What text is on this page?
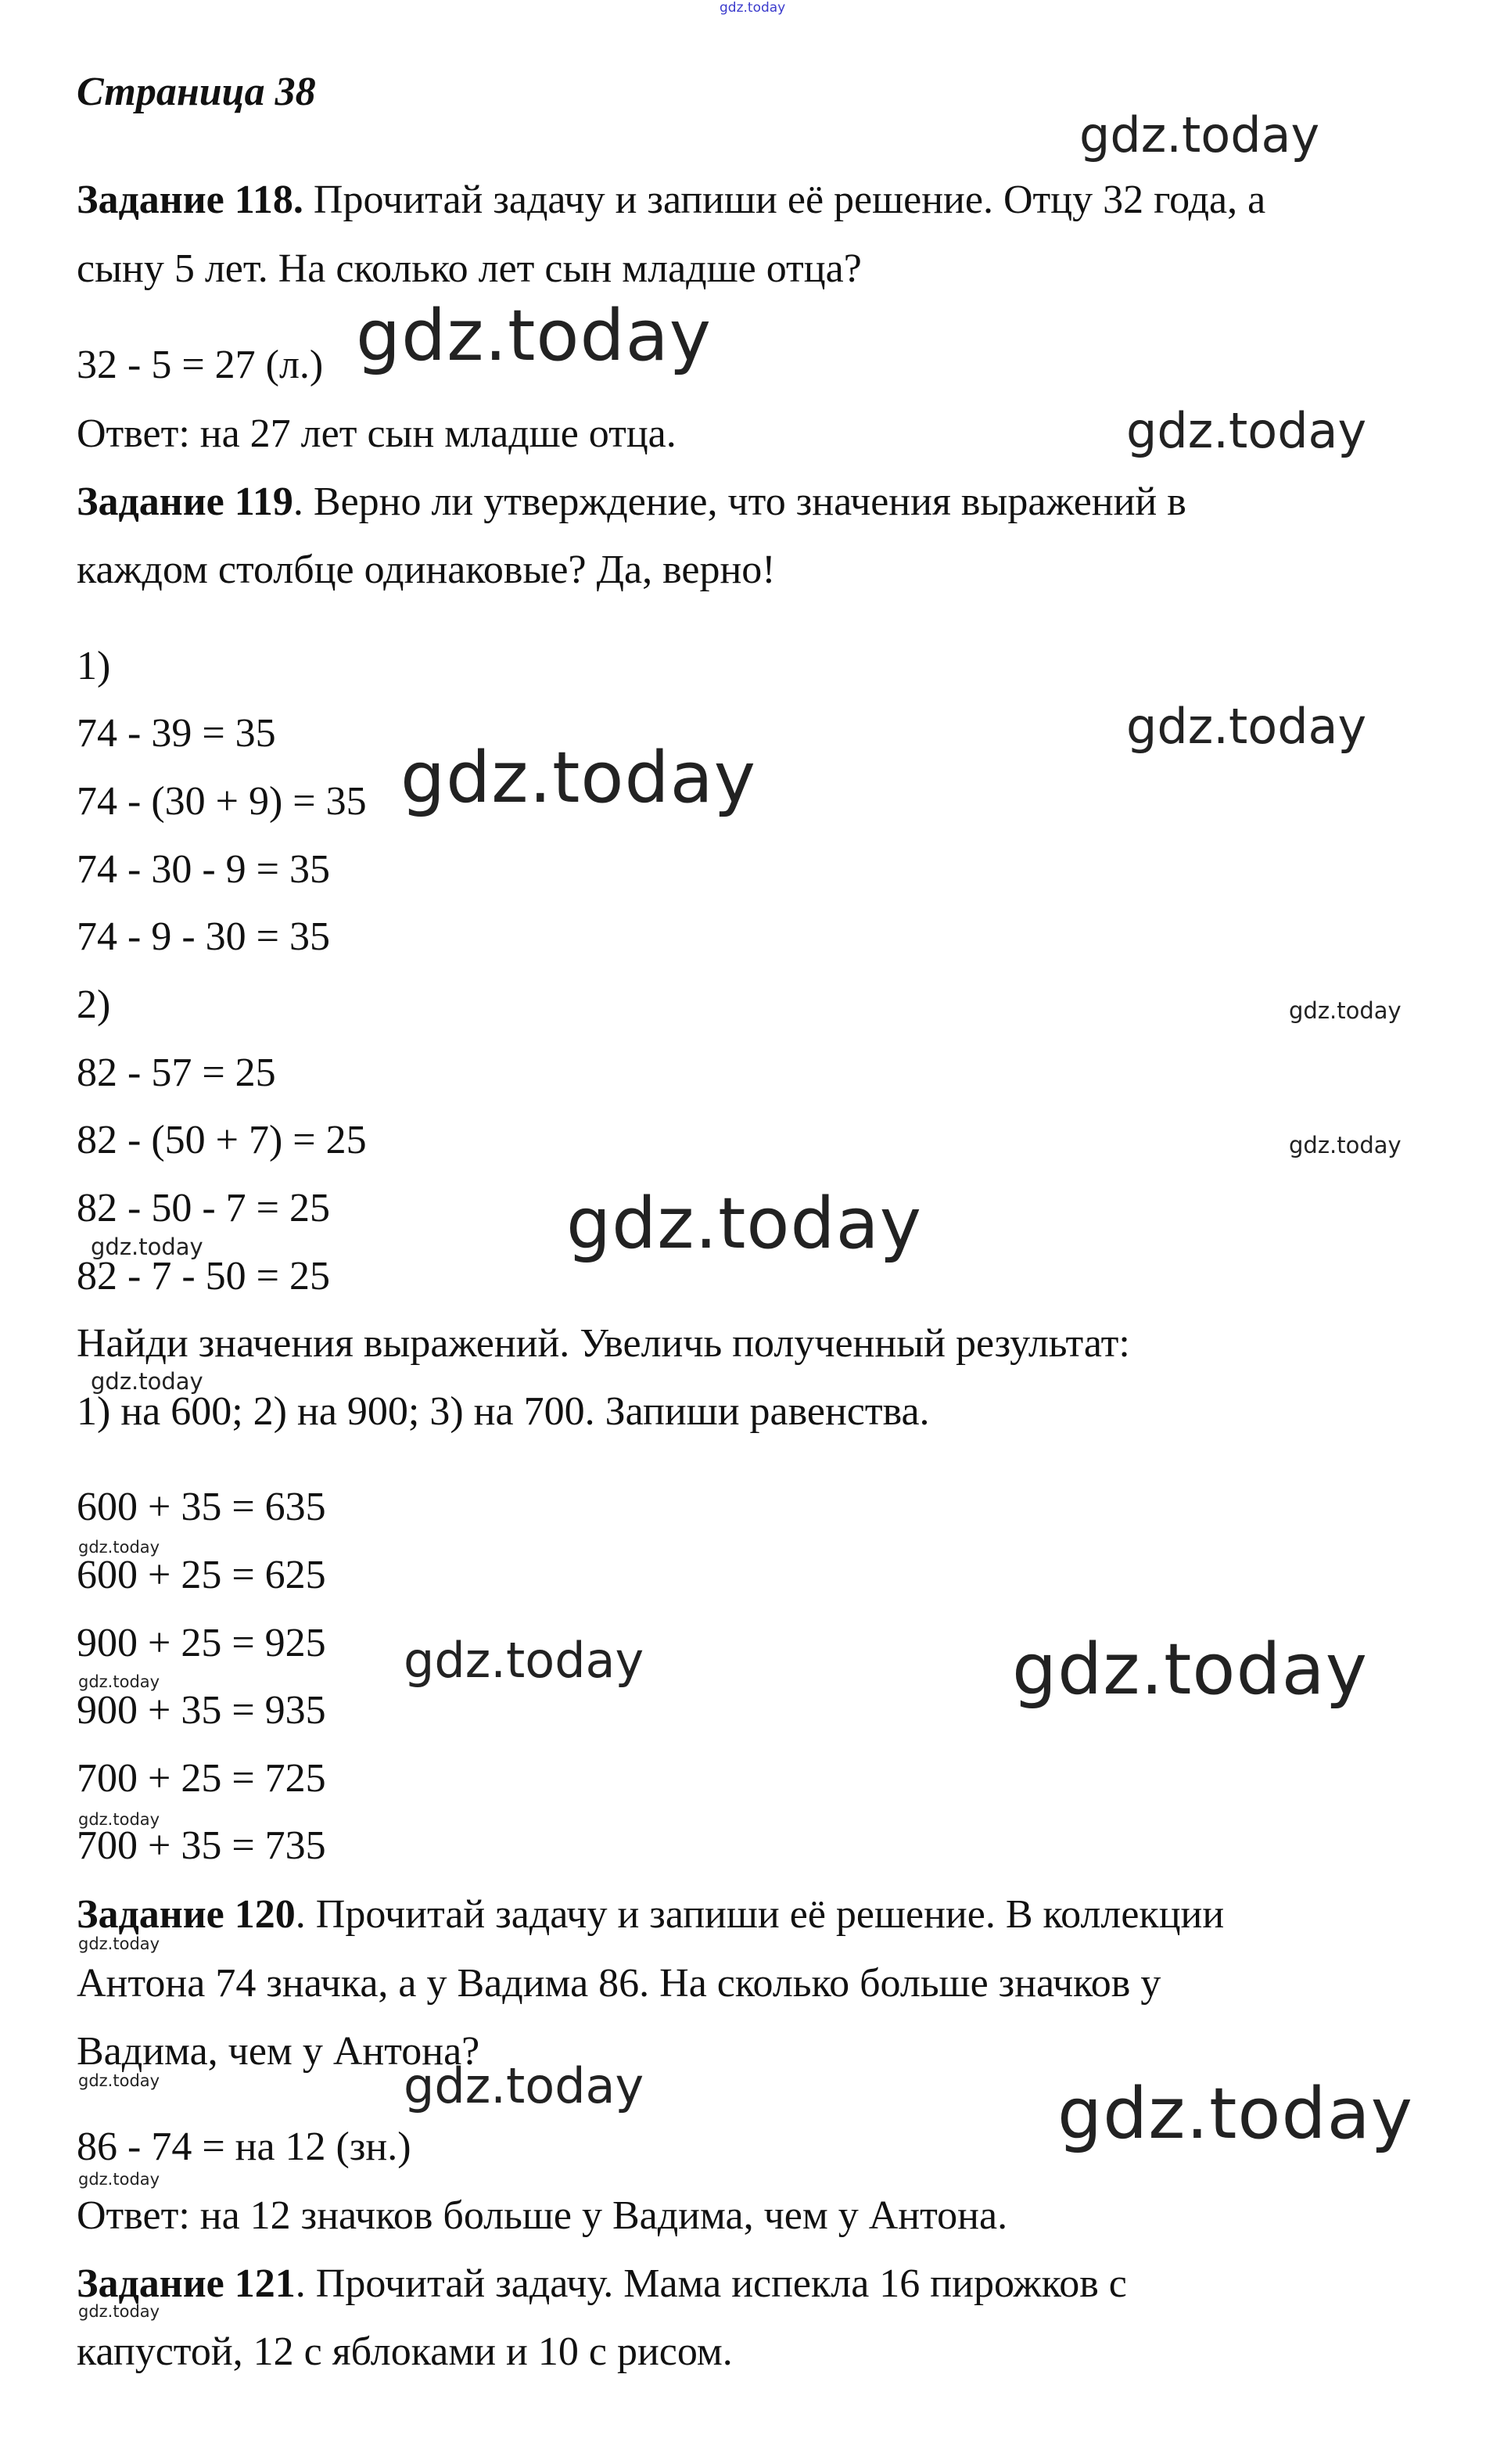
Страница 38
Задание 118. Прочитай задачу и запиши её решение. Отцу 32 года, а
сыну 5 лет. На сколько лет сын младше отца?
32 - 5 = 27 (л.)
Ответ: на 27 лет сын младше отца.
Задание 119. Верно ли утверждение, что значения выражений в
каждом столбце одинаковые? Да, верно!
1)
74 - 39 = 35
74 - (30 + 9) = 35
74 - 30 - 9 = 35
74 - 9 - 30 = 35
2)
82 - 57 = 25
82 - (50 + 7) = 25
82 - 50 - 7 = 25
82 - 7 - 50 = 25
Найди значения выражений. Увеличь полученный результат:
1) на 600; 2) на 900; 3) на 700. Запиши равенства.
600 + 35 = 635
600 + 25 = 625
900 + 25 = 925
900 + 35 = 935
700 + 25 = 725
700 + 35 = 735
Задание 120. Прочитай задачу и запиши её решение. В коллекции
Антона 74 значка, а у Вадима 86. На сколько больше значков у
Вадима, чем у Антона?
86 - 74 = на 12 (зн.)
Ответ: на 12 значков больше у Вадима, чем у Антона.
Задание 121. Прочитай задачу. Мама испекла 16 пирожков с
капустой, 12 с яблоками и 10 с рисом.
gdz.today
gdz.today
gdz.today
gdz.today
gdz.today
gdz.today
gdz.today
gdz.today
gdz.today
gdz.today
gdz.today
gdz.today
gdz.today	gdz.today	gdz.today
gdz.today
gdz.today
gdz.today	gdz.today	gdz.today
gdz.today
gdz.today
